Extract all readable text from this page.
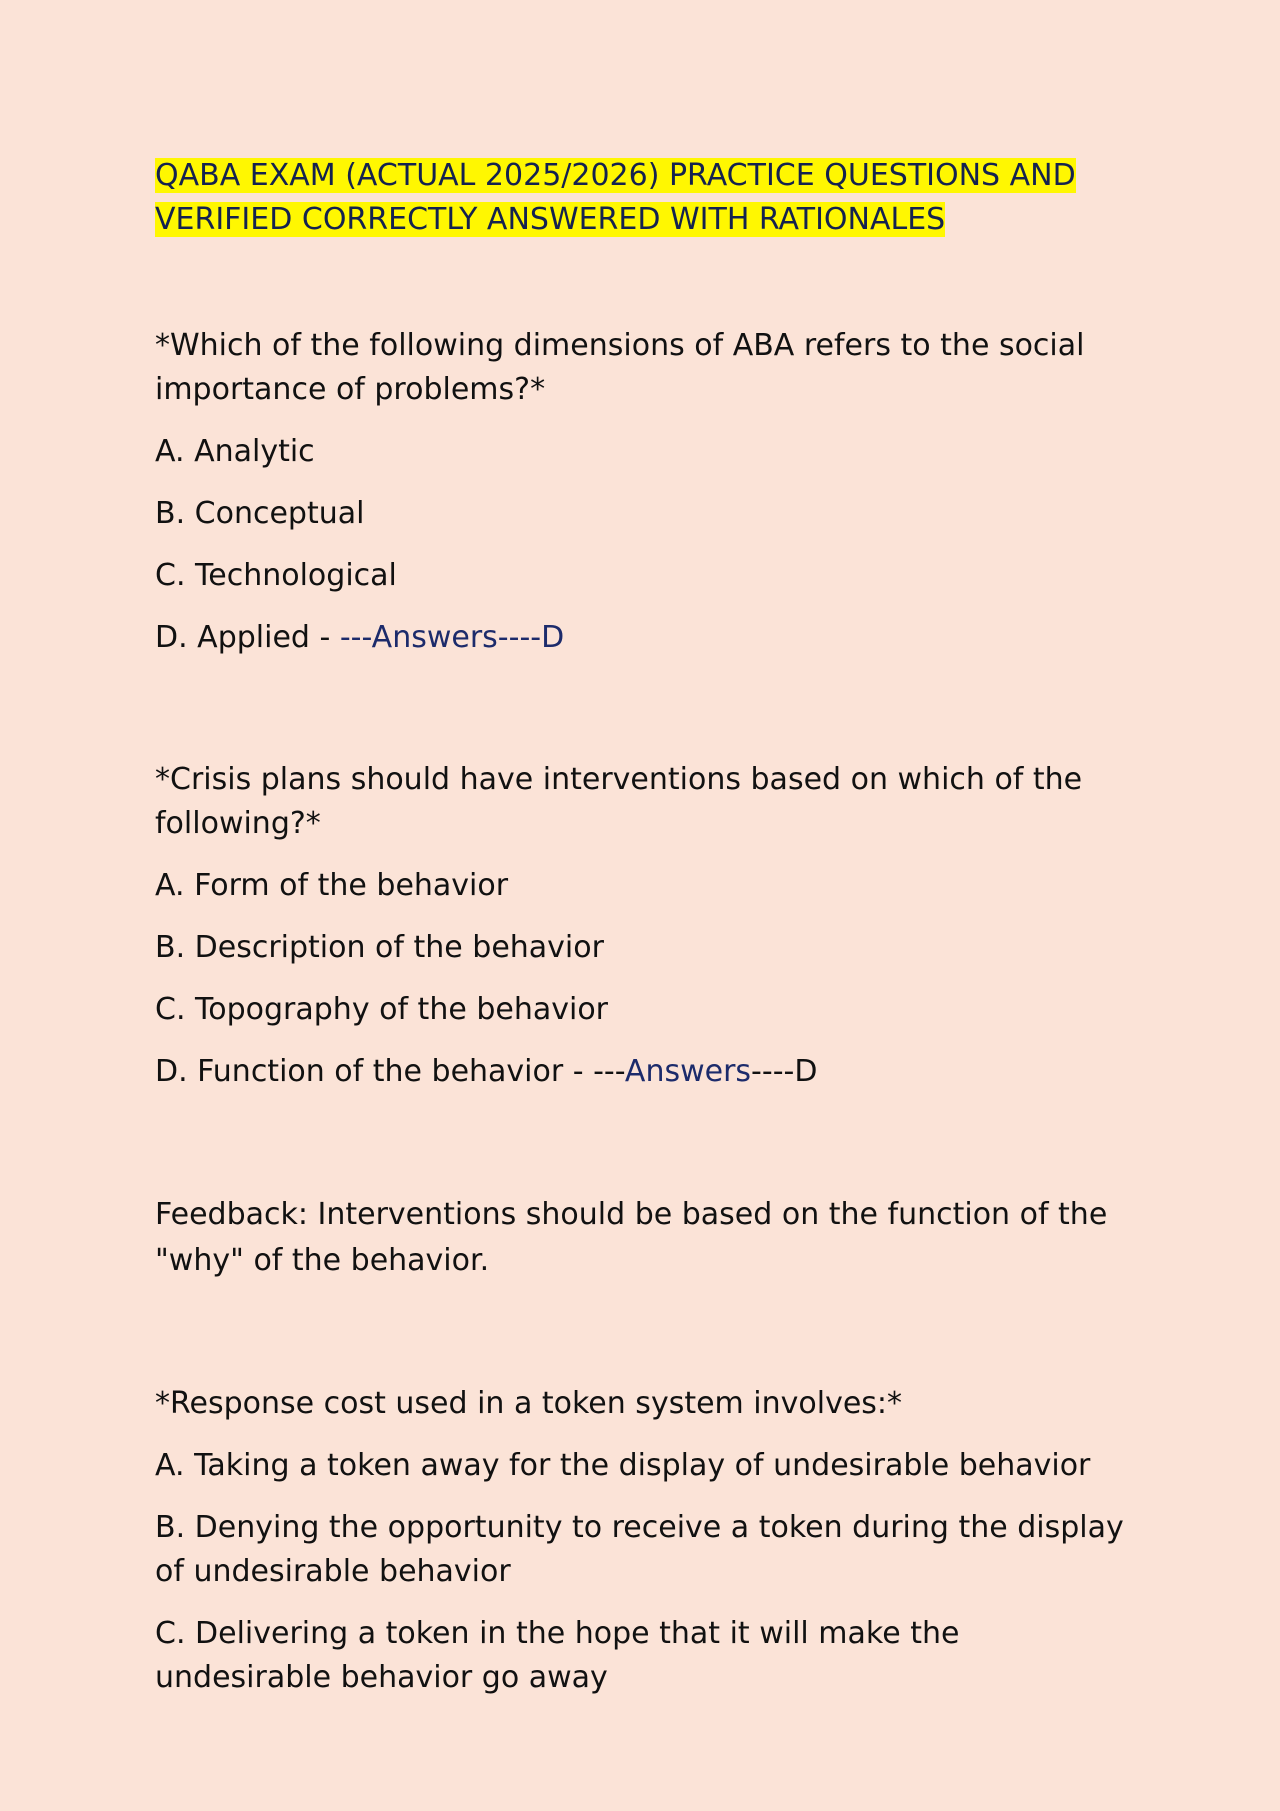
QABA EXAM (ACTUAL 2025/2026) PRACTICE QUESTIONS AND
VERIFIED CORRECTLY ANSWERED WITH RATIONALES
*Which of the following dimensions of ABA refers to the social importance of problems?*
A. Analytic
B. Conceptual
C. Technological
D. Applied - ---Answers----D
*Crisis plans should have interventions based on which of the following?*
A. Form of the behavior
B. Description of the behavior
C. Topography of the behavior
D. Function of the behavior - ---Answers----D
Feedback: Interventions should be based on the function of the "why" of the behavior.
*Response cost used in a token system involves:*
A. Taking a token away for the display of undesirable behavior
B. Denying the opportunity to receive a token during the display of undesirable behavior
C. Delivering a token in the hope that it will make the undesirable behavior go away
